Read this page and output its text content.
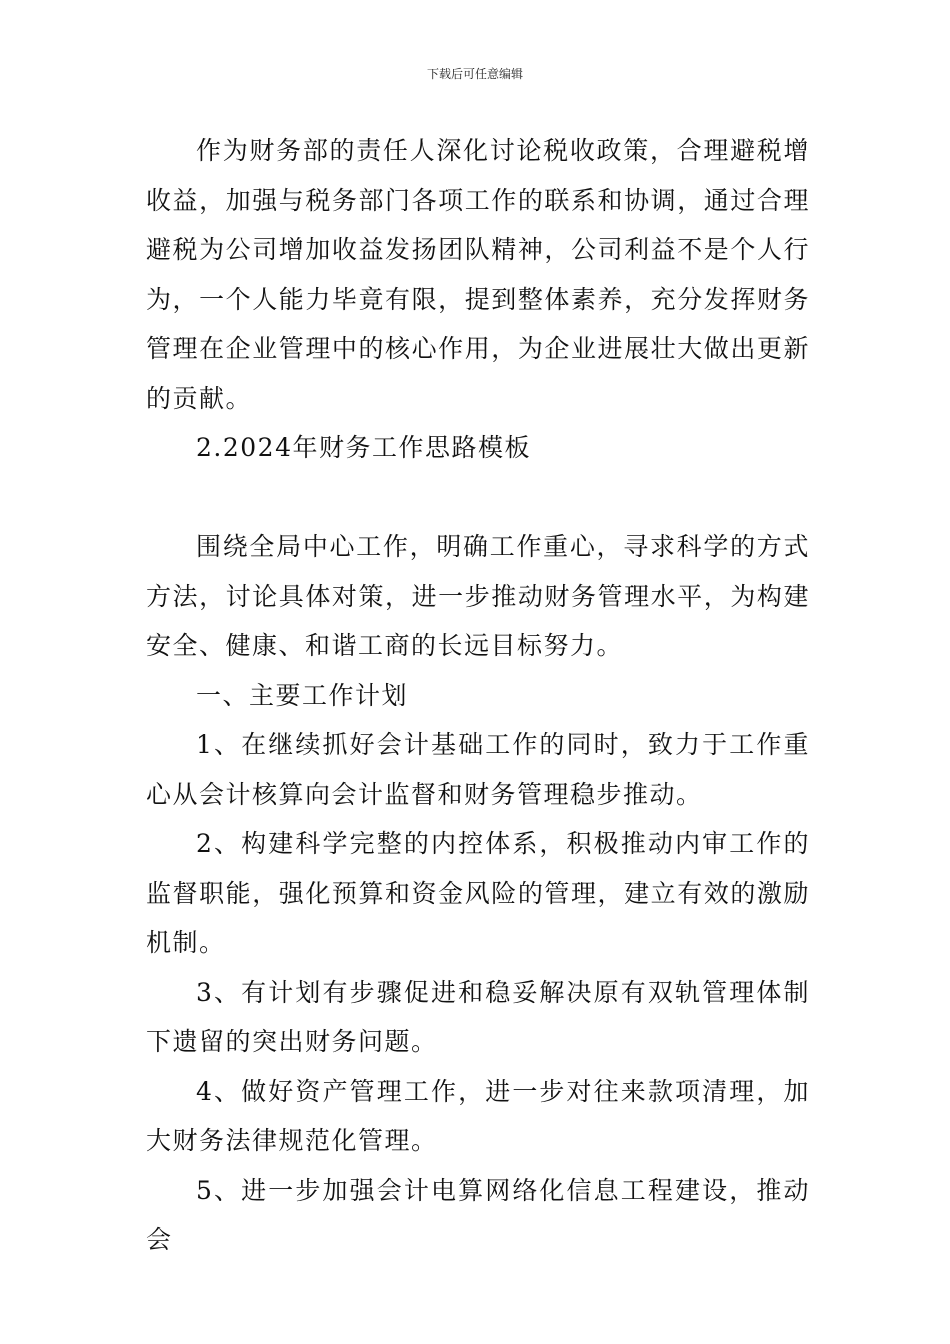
下载后可任意编辑

作为财务部的责任人深化讨论税收政策，合理避税增收益，加强与税务部门各项工作的联系和协调，通过合理避税为公司增加收益发扬团队精神，公司利益不是个人行为，一个人能力毕竟有限，提到整体素养，充分发挥财务管理在企业管理中的核心作用，为企业进展壮大做出更新的贡献。

2.2024年财务工作思路模板

围绕全局中心工作，明确工作重心，寻求科学的方式方法，讨论具体对策，进一步推动财务管理水平，为构建安全、健康、和谐工商的长远目标努力。

一、主要工作计划

1、在继续抓好会计基础工作的同时，致力于工作重心从会计核算向会计监督和财务管理稳步推动。

2、构建科学完整的内控体系，积极推动内审工作的监督职能，强化预算和资金风险的管理，建立有效的激励机制。

3、有计划有步骤促进和稳妥解决原有双轨管理体制下遗留的突出财务问题。

4、做好资产管理工作，进一步对往来款项清理，加大财务法律规范化管理。

5、进一步加强会计电算网络化信息工程建设，推动会
